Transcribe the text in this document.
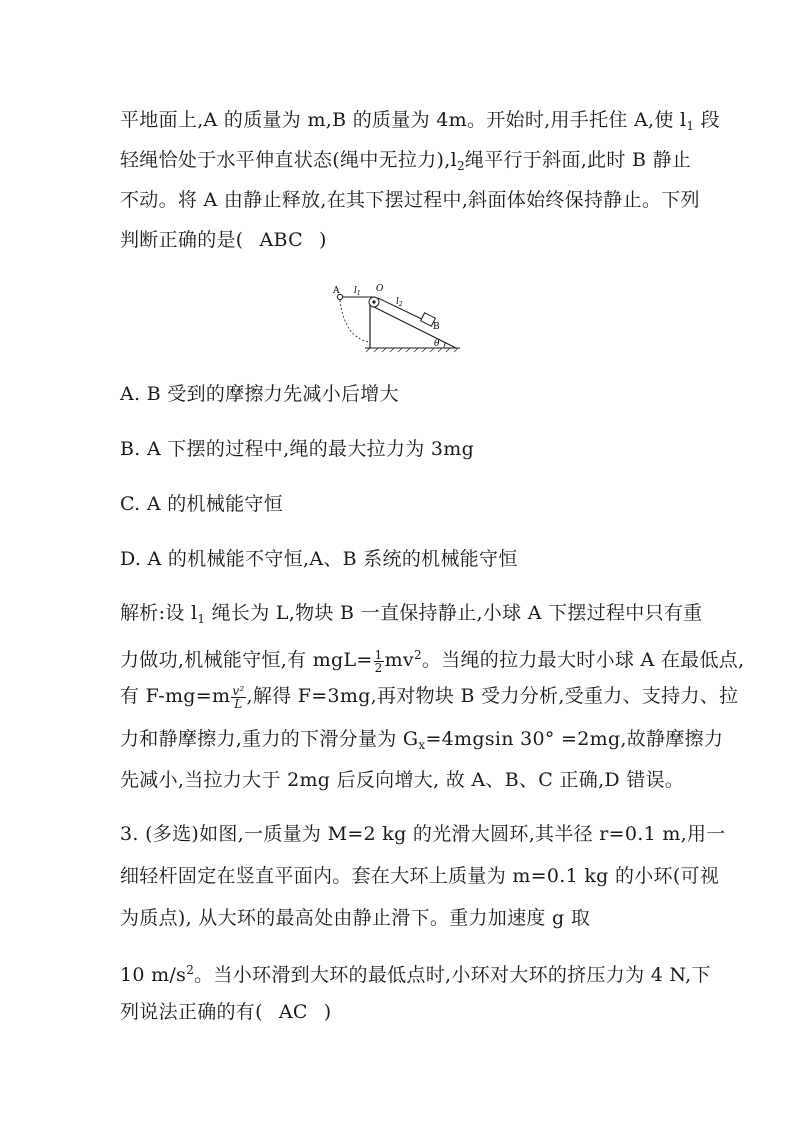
平地面上,A 的质量为 m,B 的质量为 4m。开始时,用手托住 A,使 $l_1$ 段
轻绳恰处于水平伸直状态(绳中无拉力)$,l_2$绳平行于斜面,此时 B 静止
不动。将 A 由静止释放,在其下摆过程中,斜面体始终保持静止。下列
判断正确的是( ABC )
A $l_1$ O
$l_2$
B
θ
A. B 受到的摩擦力先减小后增大
B. A 下摆的过程中,绳的最大拉力为 3mg
C. A 的机械能守恒
D. A 的机械能不守恒,A、B 系统的机械能守恒
解析:设 $l_1$ 绳长为 L,物块 B 一直保持静止,小球 A 下摆过程中只有重
力做功,机械能守恒,有 $mgL= \frac{1}{2} mv^2$。当绳的拉力最大时小球 A 在最低点,
有 $F-mg=m \frac{\text{v²}}{L}$ ,解得 F=3mg,再对物块 B 受力分析,受重力、支持力、拉
力和静摩擦力,重力的下滑分量为 $G_x=4mgsin$ 30° =2mg,故静摩擦力
先减小,当拉力大于 2mg 后反向增大, 故 A、B、C 正确,D 错误。
3. (多选)如图,一质量为 M=2 kg 的光滑大圆环,其半径 r=0.1 m,用一
细轻杆固定在竖直平面内。套在大环上质量为 m=0.1 kg 的小环(可视
为质点), 从大环的最高处由静止滑下。重力加速度 g 取
10 $m/s^2$。当小环滑到大环的最低点时,小环对大环的挤压力为 4 N,下
列说法正确的有( AC )
